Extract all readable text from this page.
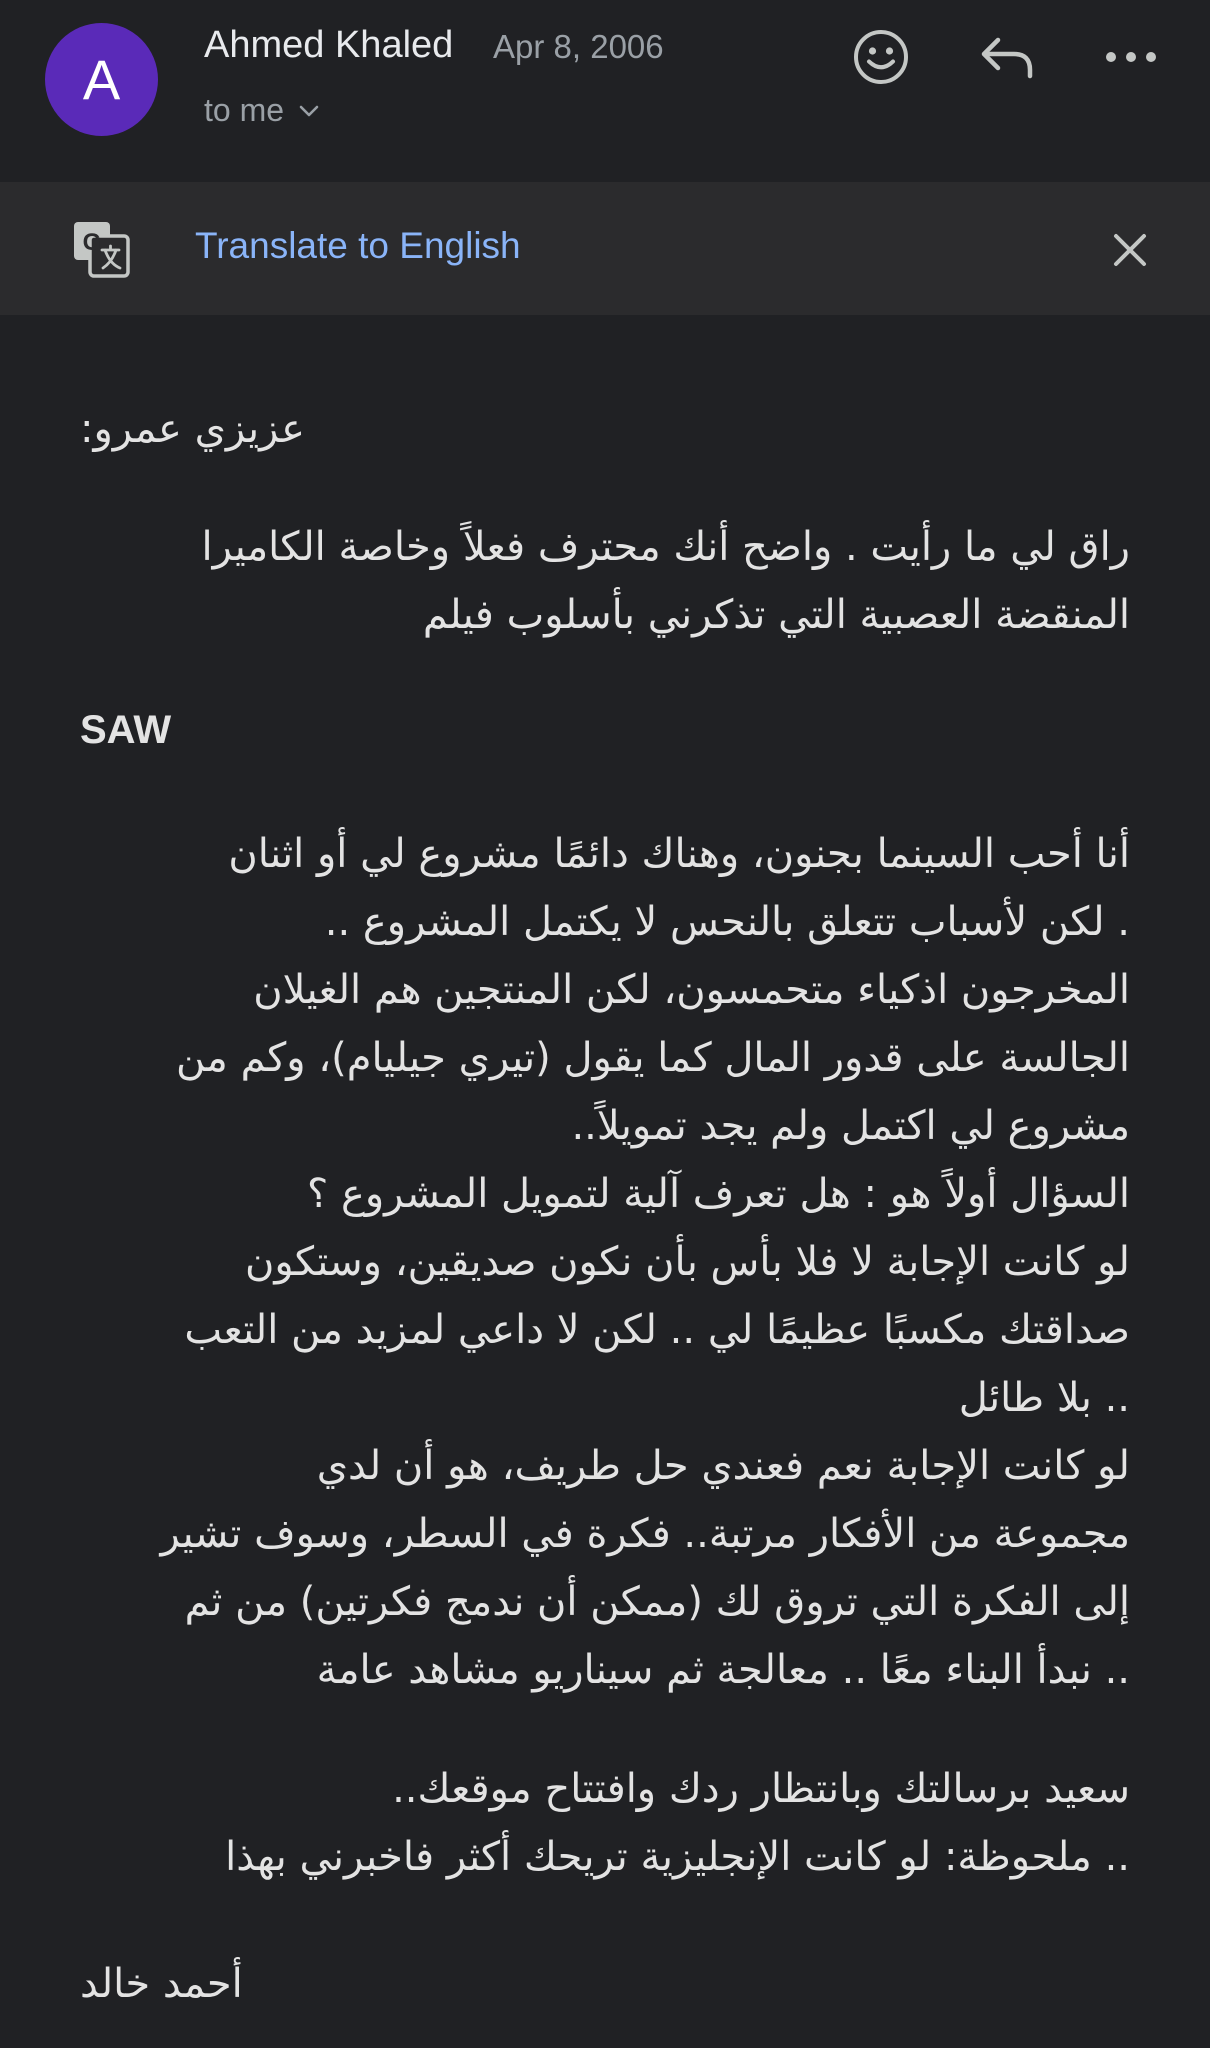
A
Ahmed Khaled Apr 8, 2006
to me
G	Translate to English

عزيزي عمرو:

راق لي ما رأيت . واضح أنك محترف فعلاً وخاصة الكاميرا

المنقضة العصبية التي تذكرني بأسلوب فيلم

SAW

أنا أحب السينما بجنون، وهناك دائمًا مشروع لي أو اثنان

. لكن لأسباب تتعلق بالنحس لا يكتمل المشروع ..

المخرجون اذكياء متحمسون، لكن المنتجين هم الغيلان

الجالسة على قدور المال كما يقول (تيري جيليام)، وكم من

مشروع لي اكتمل ولم يجد تمويلاً..

السؤال أولاً هو : هل تعرف آلية لتمويل المشروع ؟

لو كانت الإجابة لا فلا بأس بأن نكون صديقين، وستكون

صداقتك مكسبًا عظيمًا لي .. لكن لا داعي لمزيد من التعب

.. بلا طائل

لو كانت الإجابة نعم فعندي حل طريف، هو أن لدي

مجموعة من الأفكار مرتبة.. فكرة في السطر، وسوف تشير

إلى الفكرة التي تروق لك (ممكن أن ندمج فكرتين) من ثم

.. نبدأ البناء معًا .. معالجة ثم سيناريو مشاهد عامة

سعيد برسالتك وبانتظار ردك وافتتاح موقعك..

.. ملحوظة: لو كانت الإنجليزية تريحك أكثر فاخبرني بهذا

أحمد خالد
